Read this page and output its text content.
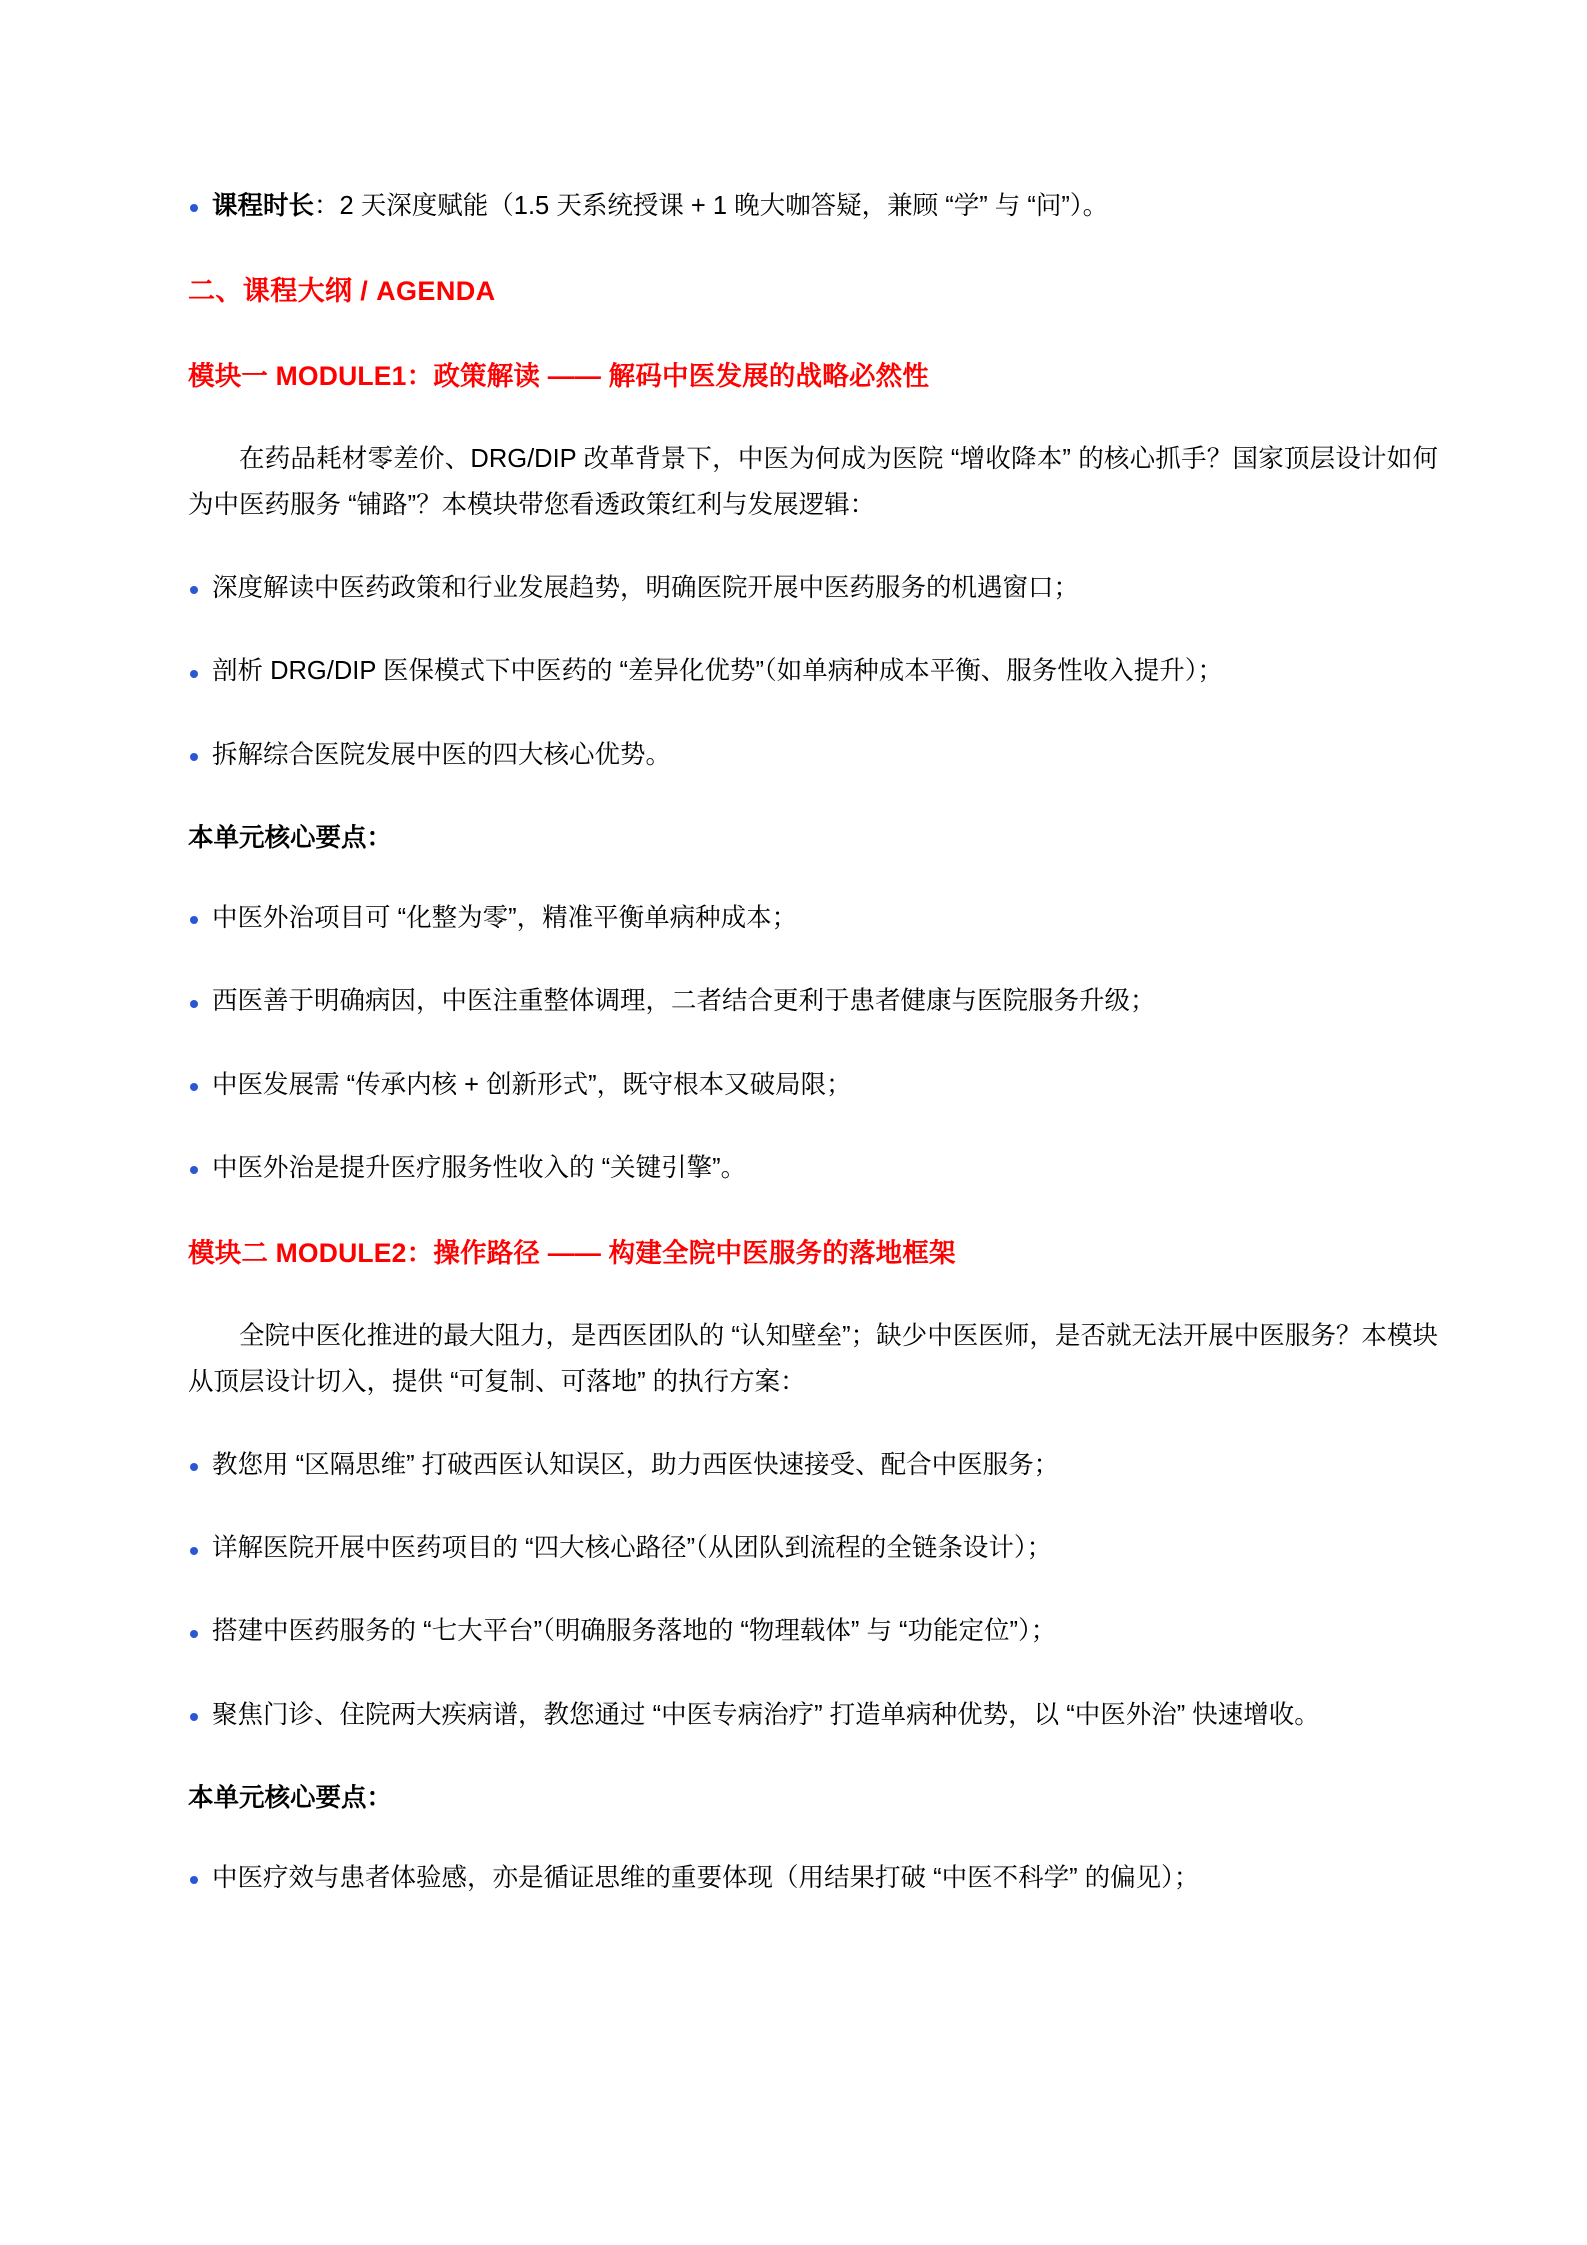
课程时长：2 天深度赋能（1.5 天系统授课 + 1 晚大咖答疑，兼顾 “学” 与 “问”）。
二、课程大纲 / AGENDA
模块一 MODULE1：政策解读 —— 解码中医发展的战略必然性
在药品耗材零差价、DRG/DIP 改革背景下，中医为何成为医院 “增收降本” 的核心抓手？国家顶层设计如何为中医药服务 “铺路”？本模块带您看透政策红利与发展逻辑：
深度解读中医药政策和行业发展趋势，明确医院开展中医药服务的机遇窗口；
剖析 DRG/DIP 医保模式下中医药的 “差异化优势”（如单病种成本平衡、服务性收入提升）；
拆解综合医院发展中医的四大核心优势。
本单元核心要点：
中医外治项目可 “化整为零”，精准平衡单病种成本；
西医善于明确病因，中医注重整体调理，二者结合更利于患者健康与医院服务升级；
中医发展需 “传承内核 + 创新形式”，既守根本又破局限；
中医外治是提升医疗服务性收入的 “关键引擎”。
模块二 MODULE2：操作路径 —— 构建全院中医服务的落地框架
全院中医化推进的最大阻力，是西医团队的 “认知壁垒”；缺少中医医师，是否就无法开展中医服务？本模块从顶层设计切入，提供 “可复制、可落地” 的执行方案：
教您用 “区隔思维” 打破西医认知误区，助力西医快速接受、配合中医服务；
详解医院开展中医药项目的 “四大核心路径”（从团队到流程的全链条设计）；
搭建中医药服务的 “七大平台”（明确服务落地的 “物理载体” 与 “功能定位”）；
聚焦门诊、住院两大疾病谱，教您通过 “中医专病治疗” 打造单病种优势，以 “中医外治” 快速增收。
本单元核心要点：
中医疗效与患者体验感，亦是循证思维的重要体现（用结果打破 “中医不科学” 的偏见）；
